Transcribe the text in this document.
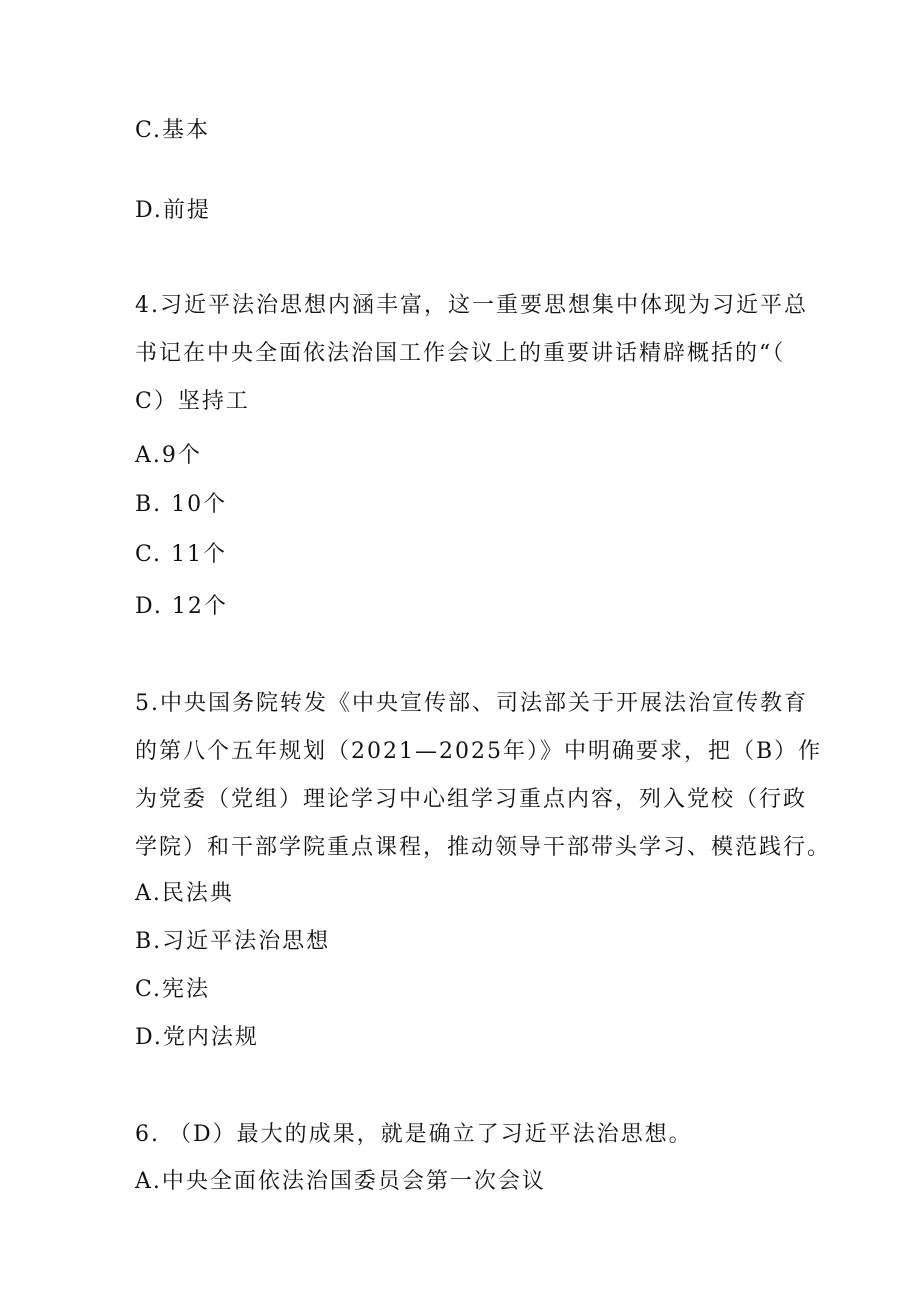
C.基本
D.前提
4.习近平法治思想内涵丰富，这一重要思想集中体现为习近平总
书记在中央全面依法治国工作会议上的重要讲话精辟概括的“（
C）坚持工
A.9个
B. 10个
C. 11个
D. 12个
5.中央国务院转发《中央宣传部、司法部关于开展法治宣传教育
的第八个五年规划（2021—2025年）》中明确要求，把（B）作
为党委（党组）理论学习中心组学习重点内容，列入党校（行政
学院）和干部学院重点课程，推动领导干部带头学习、模范践行。
A.民法典
B.习近平法治思想
C.宪法
D.党内法规
6. （D）最大的成果，就是确立了习近平法治思想。
A.中央全面依法治国委员会第一次会议
